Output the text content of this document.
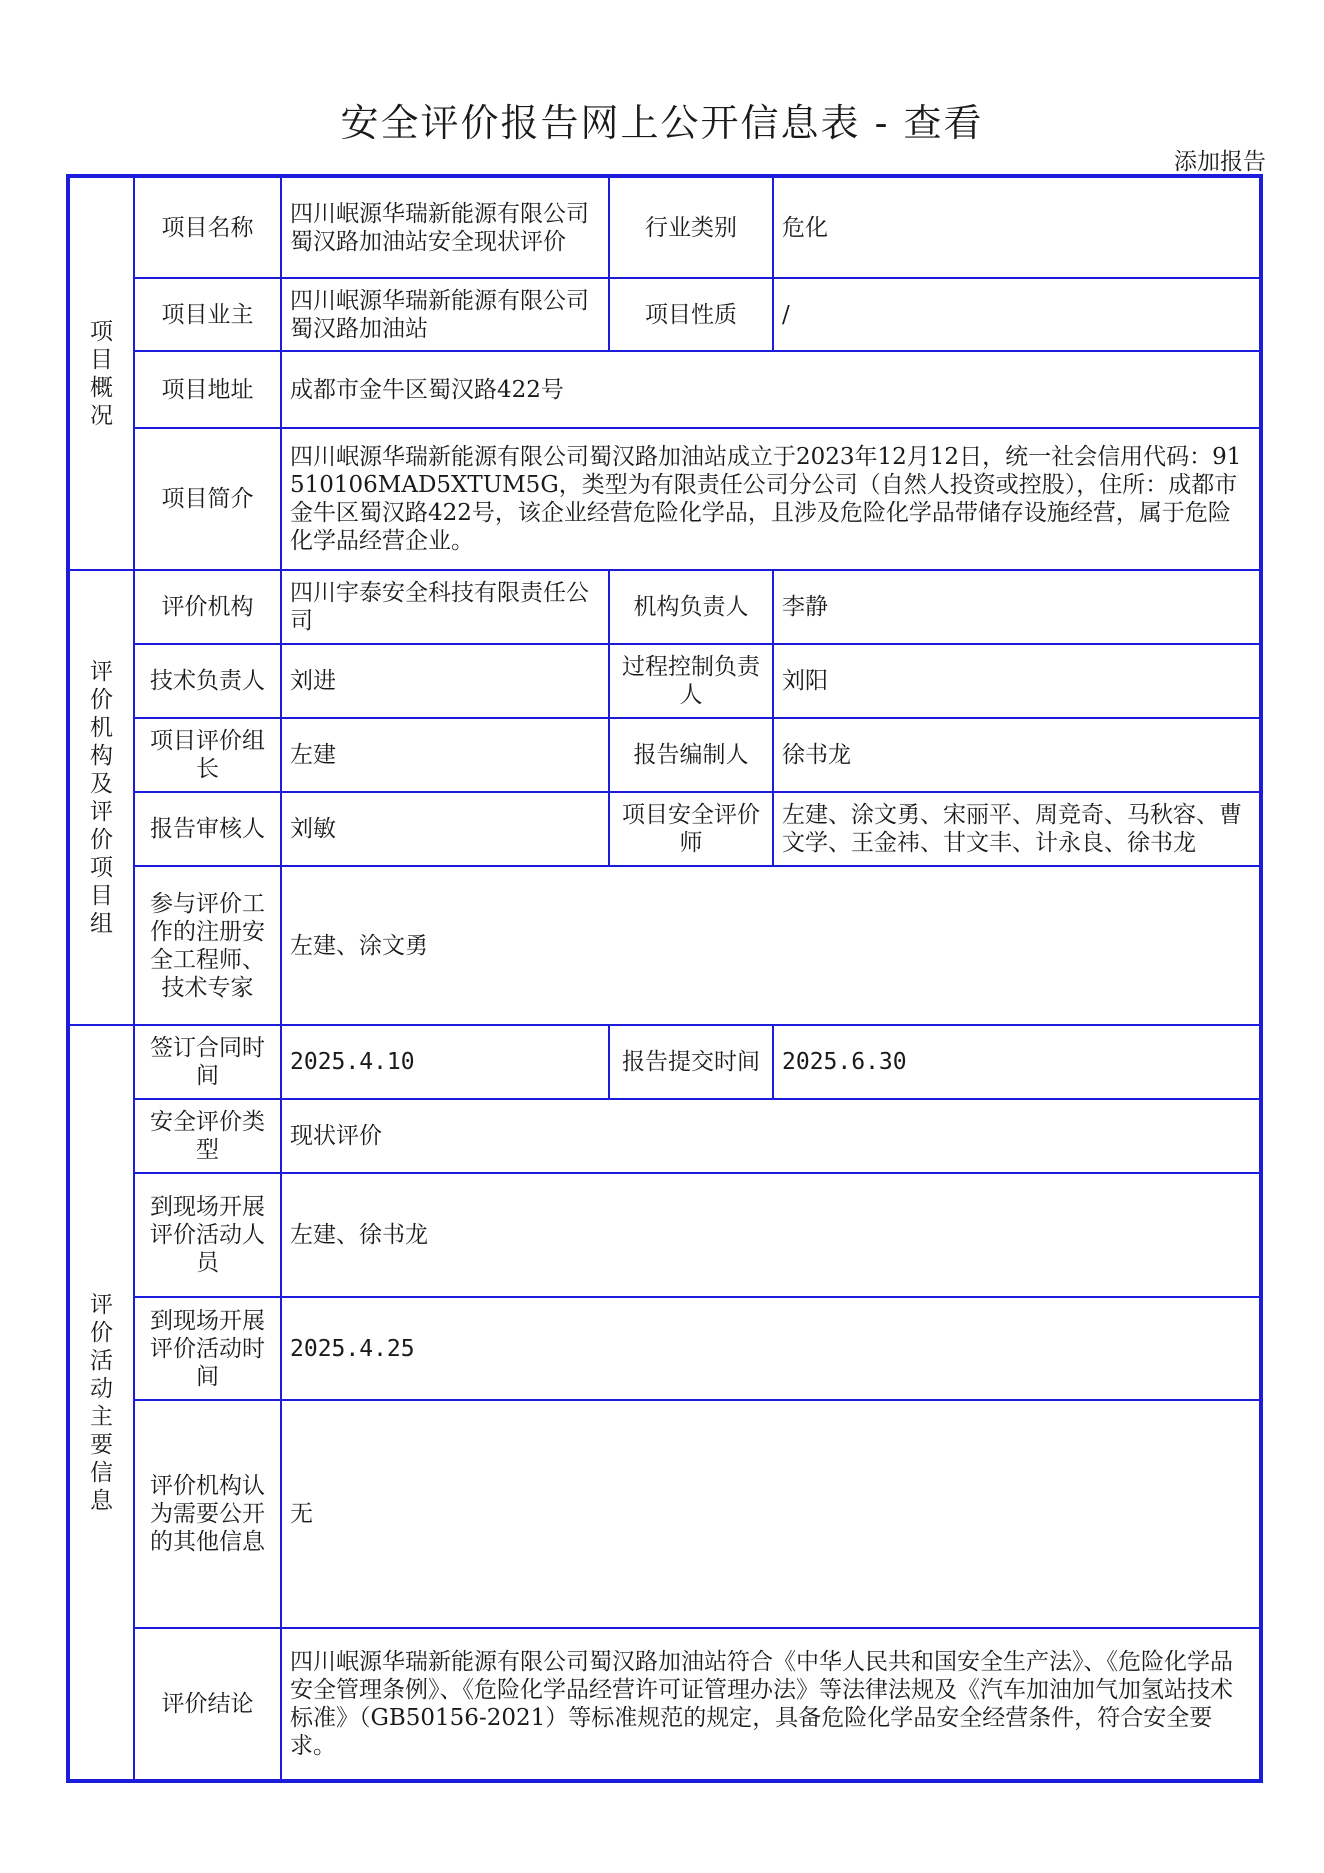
安全评价报告网上公开信息表 - 查看
添加报告
项目概况	项目名称	四川岷源华瑞新能源有限公司蜀汉路加油站安全现状评价	行业类别	危化
	项目业主	四川岷源华瑞新能源有限公司蜀汉路加油站	项目性质	/
	项目地址	成都市金牛区蜀汉路422号		
	项目简介	四川岷源华瑞新能源有限公司蜀汉路加油站成立于2023年12月12日，统一社会信用代码：91510106MAD5XTUM5G，类型为有限责任公司分公司（自然人投资或控股），住所：成都市金牛区蜀汉路422号，该企业经营危险化学品，且涉及危险化学品带储存设施经营，属于危险化学品经营企业。		

评价机构及评价项目组	评价机构	四川宇泰安全科技有限责任公司	机构负责人	李静
	技术负责人	刘进	过程控制负责人	刘阳
	项目评价组长	左建	报告编制人	徐书龙
	报告审核人	刘敏	项目安全评价师	左建、涂文勇、宋丽平、周竞奇、马秋容、曹文学、王金祎、甘文丰、计永良、徐书龙
	参与评价工作的注册安全工程师、技术专家	左建、涂文勇		

评价活动主要信息	签订合同时间	2025.4.10	报告提交时间	2025.6.30
	安全评价类型	现状评价		
	到现场开展评价活动人员	左建、徐书龙		
	到现场开展评价活动时间	2025.4.25		
	评价机构认为需要公开的其他信息	无		
	评价结论	四川岷源华瑞新能源有限公司蜀汉路加油站符合《中华人民共和国安全生产法》、《危险化学品安全管理条例》、《危险化学品经营许可证管理办法》等法律法规及《汽车加油加气加氢站技术标准》（GB50156-2021）等标准规范的规定，具备危险化学品安全经营条件，符合安全要求。		
